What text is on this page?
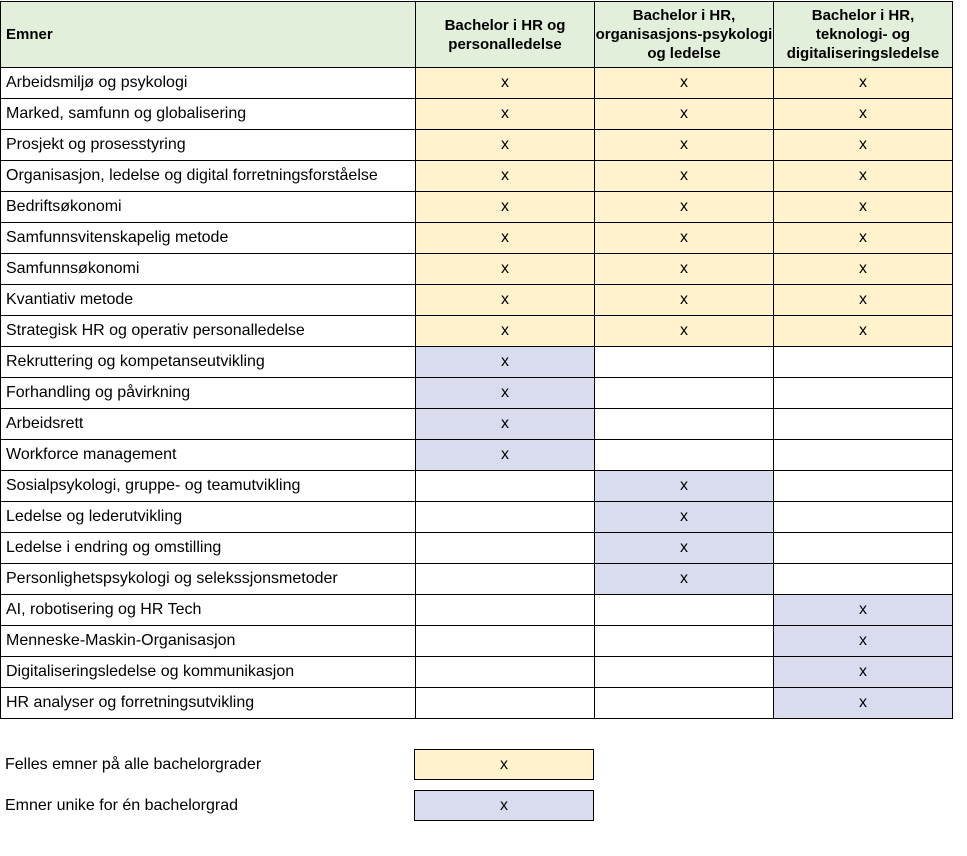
Emner	Bachelor i HR og personalledelse	Bachelor i HR, organisasjons-psykologi og ledelse	Bachelor i HR, teknologi- og digitaliseringsledelse
Arbeidsmiljø og psykologi	x	x	x
Marked, samfunn og globalisering	x	x	x
Prosjekt og prosesstyring	x	x	x
Organisasjon, ledelse og digital forretningsforståelse	x	x	x
Bedriftsøkonomi	x	x	x
Samfunnsvitenskapelig metode	x	x	x
Samfunnsøkonomi	x	x	x
Kvantiativ metode	x	x	x
Strategisk HR og operativ personalledelse	x	x	x
Rekruttering og kompetanseutvikling	x		
Forhandling og påvirkning	x		
Arbeidsrett	x		
Workforce management	x		
Sosialpsykologi, gruppe- og teamutvikling		x	
Ledelse og lederutvikling		x	
Ledelse i endring og omstilling		x	
Personlighetspsykologi og selekssjonsmetoder		x	
AI, robotisering og HR Tech			x
Menneske-Maskin-Organisasjon			x
Digitaliseringsledelse og kommunikasjon			x
HR analyser og forretningsutvikling			x
Felles emner på alle bachelorgrader	x
Emner unike for én bachelorgrad	x
